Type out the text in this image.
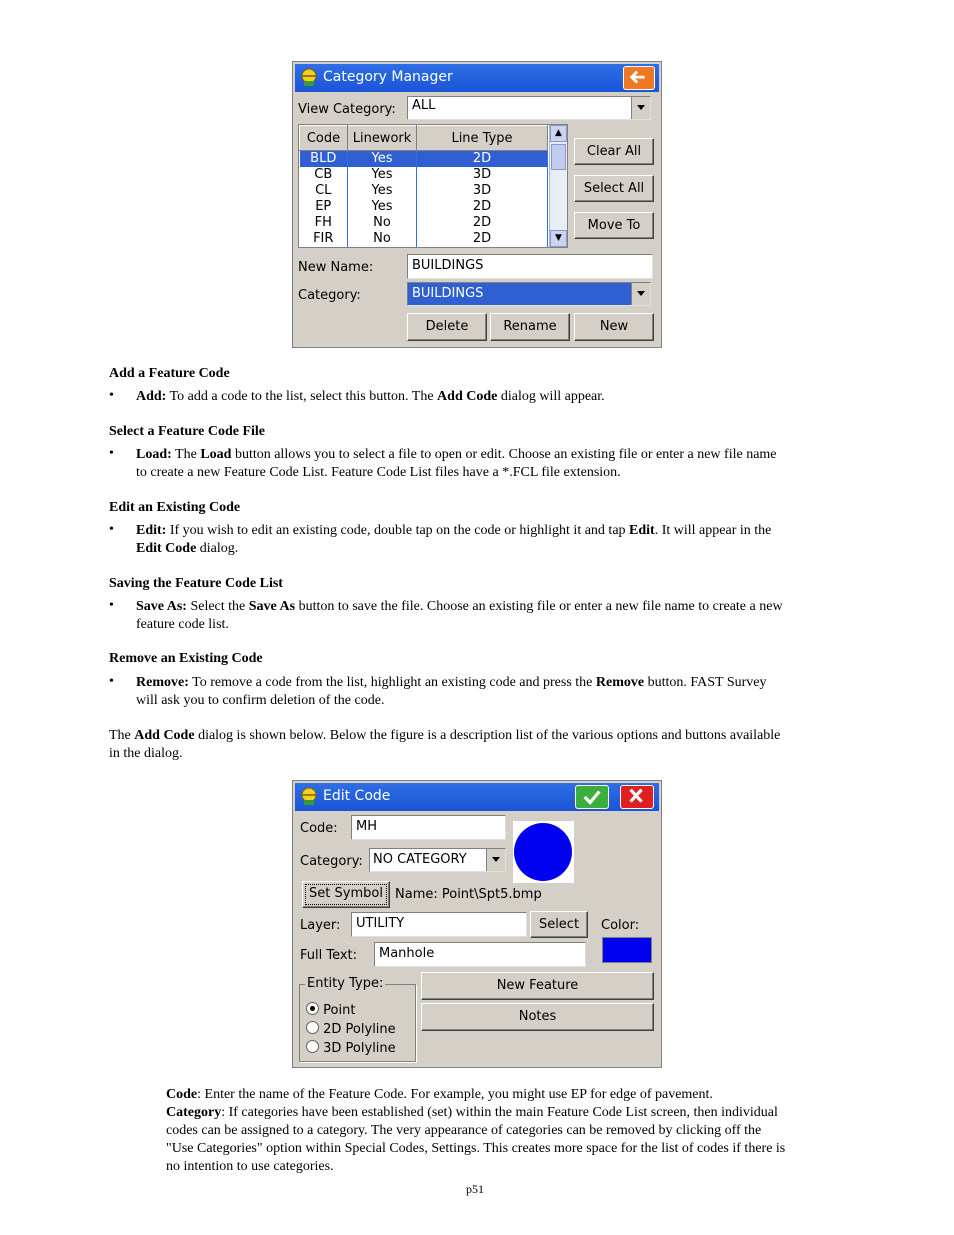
Category Manager
View Category:	ALL
Code	Linework	Line Type
BLD	Yes	2D
CB	Yes	3D
CL	Yes	3D
EP	Yes	2D
FH	No	2D
FIR	No	2D
▲
▼
Clear All
Select All
Move To
New Name:	BUILDINGS
Category:	BUILDINGS
Delete	Rename	New
Add a Feature Code
• Add: To add a code to the list, select this button. The Add Code dialog will appear.
Select a Feature Code File
• Load: The Load button allows you to select a file to open or edit. Choose an existing file or enter a new file name
to create a new Feature Code List. Feature Code List files have a *.FCL file extension.
Edit an Existing Code
• Edit: If you wish to edit an existing code, double tap on the code or highlight it and tap Edit. It will appear in the
Edit Code dialog.
Saving the Feature Code List
• Save As: Select the Save As button to save the file. Choose an existing file or enter a new file name to create a new
feature code list.
Remove an Existing Code
• Remove: To remove a code from the list, highlight an existing code and press the Remove button. FAST Survey
will ask you to confirm deletion of the code.
The Add Code dialog is shown below. Below the figure is a description list of the various options and buttons available
in the dialog.
Edit Code
Code:	MH
Category: NO CATEGORY
Set Symbol Name: Point\Spt5.bmp
Layer:	UTILITY	Select	Color:
Full Text:	Manhole
Entity Type:
Point
2D Polyline
3D Polyline
New Feature
Notes
Code: Enter the name of the Feature Code. For example, you might use EP for edge of pavement.
Category: If categories have been established (set) within the main Feature Code List screen, then individual
codes can be assigned to a category. The very appearance of categories can be removed by clicking off the
"Use Categories" option within Special Codes, Settings. This creates more space for the list of codes if there is
no intention to use categories.
p51
